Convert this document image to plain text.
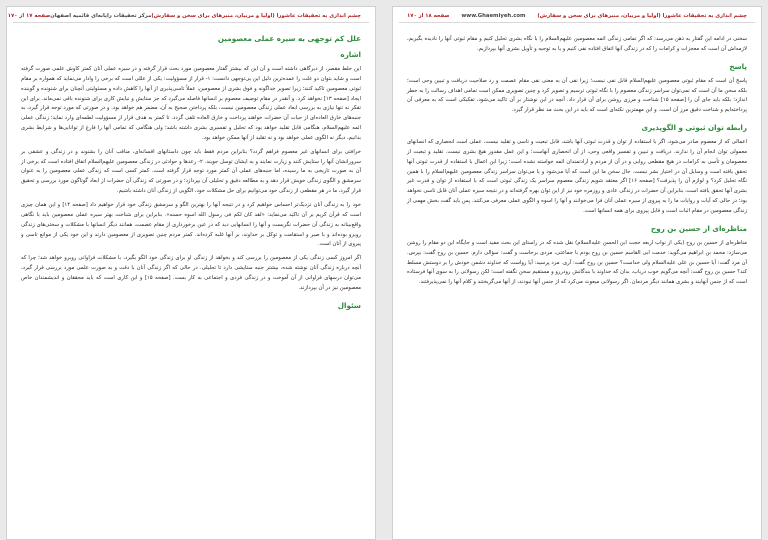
چشم اندازی به تحقیقات عاشورا (اولیا و مربیان، منبرهای برای سخن و سفارش)
مرکز تحقیقات رایانه‌ای قائمیه اصفهان
صفحه ۱۷ از ۱۷۰
علل کم توجهی به سیره عملی معصومین
اشاره

این خلط مقصر، از دیرگاهی داشته است و آن این که بیشتر گفتار معصومین مورد بحث قرار گرفته و در سیره عملی آنان کمتر کاوش علمی صورت گرفته است و شاید بتوان دو علت را عمده‌ترین دلیل این بی‌توجهی دانست: ۱- قرار از مسؤولیت: یکی از عللی است که برخی را وادار می‌نماید که همواره بر مقام ثبوتی معصومین تاکید کنند؛ زیرا تصویر خداگونه و فوق بشری از معصومین، عملاً تاسی‌پذیری از آنها را کاهش داده و مسئولیتی آنچنان برای شنونده و گوینده ایجاد [صفحه ۱۳] نخواهد کرد. و آنقدر در مقام توصیف معصوم بر انسانها فاصله می‌گیرد که جز ستایش و نیایش کاری برای شنونده باقی نمی‌ماند. برای این تفکر نه تنها نیازی به بررسی ابعاد عملی زندگی معصومین نیست، بلکه پرداختن صحیح به آن، مضمر هم خواهد بود. و در صورتی که مورد توجه قرار گیرد، به جنبه‌های خارق العاده‌ای از حیات آن حضرات خواهند پرداخت و خارق العاده تلقی گردد. تا کمتر به هدف قرار از مسؤولیت لطمه‌ای وارد نماید؛ زندگی عملی ائمه علیهم‌السلام، هنگامی قابل تقلید خواهد بود که تحلیل و تفسیری بشری داشته باشد؛ ولی هنگامی که تمامی آنها را فارغ از توانایی‌ها و شرایط بشری بدانیم، دیگر نه الگوی عملی خواهد بود و نه تقلید از آنها ممکن خواهد بود.

خرافتی برای انسانهای غیر معصوم فراهم گردد؟ بنابراین مردم فقط باید چون داستانهای افسانه‌ای، مناقب آنان را بشنوند و در زندگی و عشقی بر سرورانشان آنها را ستایش کنند و زیارت نمایند و به ایشان توسل جویند. ۲- رعدها و حوادثی در زندگی معصومین علیهم‌السلام اتفاق افتاده است که برخی از آن به صورت تاریخی به ما رسیده، اما جنبه‌های عملی آن کمتر مورد توجه قرار گرفته است. کمتر کسی است که زندگی عملی معصومین را به عنوان سرمشق و الگوی زندگی خویش قرار دهد و به مطالعه دقیق و تحلیلی آن بپردازد؛ و در صورتی که زندگی آن حضرات از ابعاد گوناگون مورد بررسی و تحقیق قرار گیرد، ما در هر مقطعی از زندگی خود می‌توانیم برای حل مشکلات خود، الگویی از زندگی آنان داشته باشیم.

خود را به زندگی آنان نزدیک‌تر احساس خواهیم کرد و در نتیجه آنها را بهترین الگو و سرمشق زندگی خود قرار خواهیم داد [صفحه ۱۴] و این همان چیزی است که قرآن کریم بر آن تاکید می‌نماید: «لقد کان لکم فی رسول الله اسوه حسنه». بنابراین برای شناخت بهتر سیره عملی معصومین باید با نگاهی واقع‌بینانه به زندگی آن حضرات نگریست و آنها را انسانهایی دید که در عین برخورداری از مقام عصمت، همانند دیگر انسانها با مشکلات و سختی‌های زندگی روبرو بوده‌اند و با صبر و استقامت و توکل بر خداوند، بر آنها غلبه کرده‌اند. کمتر مردم چنین تصویری از معصومین دارند و این خود یکی از موانع تاسی و پیروی از آنان است.

اگر امروز کسی زندگی یکی از معصومین را بررسی کند و بخواهد از زندگی او برای زندگی خود الگو بگیرد، با مشکلات فراوانی روبرو خواهد شد؛ چرا که آنچه درباره زندگی آنان نوشته شده، بیشتر جنبه ستایشی دارد تا تحلیلی. در حالی که اگر زندگی آنان با دقت و به صورت علمی مورد بررسی قرار گیرد، می‌توان درسهای فراوانی از آن آموخت و در زندگی فردی و اجتماعی به کار بست. [صفحه ۱۵] و این کاری است که باید محققان و اندیشمندان خاص معصومین نیز در آن بپردازند.

سئوال
چشم اندازی به تحقیقات عاشورا (اولیا و مربیان، منبرهای برای سخن و سفارش)
www.Ghaemiyeh.com
صفحه ۱۸ از ۱۷۰

سخنی در ادامه این گفتار به ذهن می‌رسد: که اگر تمامی زندگی ائمه معصومین علیهم‌السلام را با نگاه بشری تحلیل کنیم و مقام ثبوتی آنها را نادیده بگیریم، لازمه‌اش آن است که معجزات و کرامات را که در زندگی آنها اتفاق افتاده نفی کنیم و یا به توجیه و تأویل بشری آنها بپردازیم.

پاسخ

پاسخ آن است که مقام ثبوتی معصومین علیهم‌السلام قابل نفی نیست؛ زیرا نفی آن به معنی نفی مقام عصمت و رد صلاحیت دریافت و تبیین وحی است؛ بلکه سخن ما آن است که نمی‌توان سراسر زندگی معصوم را با نگاه ثبوتی ترسیم و تصویر کرد و چنین تصویری ممکن است تمامی اهداف رسالت را به خطر اندازد؛ بلکه باید جای آن را [صفحه ۱۵] شناخت و مرزی روشن برای آن قرار داد. آنچه در این نوشتار بر آن تاکید می‌شود، تفکیکی است که به معرفی آن پرداخته‌ایم و شناخت دقیق مرز آن است. و این مهمترین نکته‌ای است که باید در این بحث مد نظر قرار گیرد.

رابطه توان ثبوتی و الگوپذیری

اعمالی که از معصوم صادر می‌شود، اگر با استفاده از توان و قدرت ثبوتی آنها باشد، قابل تبعیت و تاسی و تقلید نیست، عملی است انحصاری که انسانهای معمولی توان انجام آن را ندارند. دریافت و تبیین و تفسیر واقعی وحی، از آن انحصاری آنهاست؛ و این عمل مقدور هیچ بشری نیست. تقلید و تبعیت از معصومان و تأسی به کرامات در هیچ مقطعی روایی و در آن از مردم و ارادتمندان ائمه خواسته نشده است؛ زیرا این اعمال با استفاده از قدرت ثبوتی آنها تحقق یافته است و وسایل آن در اختیار بشر نیست. حال سخن ما این است که آیا می‌شود و یا می‌توان سراسر زندگی معصومین علیهم‌السلام را با همین نگاه تحلیل کرد؟ و لوازم آن را پذیرفت؟ [صفحه ۱۶] اگر معتقد شویم زندگی معصوم سراسر یک زندگی ثبوتی است که با استفاده از توان و قدرت غیر بشری آنها تحقق یافته است، بنابراین آن حضرات در زندگی عادی و روزمره خود نیز از این توان بهره گرفته‌اند و در نتیجه سیره عملی آنان قابل تاسی نخواهد بود؛ در حالی که آیات و روایات ما را به پیروی از سیره عملی آنان فرا می‌خوانند و آنها را اسوه و الگوی عملی معرفی می‌کنند. پس باید گفت بخش مهمی از زندگی معصومین در مقام اثبات است و قابل پیروی برای همه انسانها است.

مناظره‌ای از حسین بن روح

مناظره‌ای از حسین بن روح (یکی از نواب اربعه حجت ابن الحسن علیه‌السلام) نقل شده که در راستای این بحث مفید است و جایگاه این دو مقام را روشن می‌سازد: محمد بن ابراهیم می‌گوید: خدمت ابی القاسم حسین بن روح بودم با جماعتی، مردی برخاست و گفت: سؤالی دارم. حسین بن روح گفت: بپرس. آن مرد گفت: آیا حسین بن علی علیه‌السلام ولی خداست؟ حسین بن روح گفت: آری. مرد پرسید: آیا رواست که خداوند دشمن خودش را بر دوستش مسلط کند؟ حسین بن روح گفت: آنچه می‌گویم خوب دریاب، بدان که خداوند با بندگانش رودررو و مستقیم سخن نگفته است؛ لکن رسولانی را به سوی آنها فرستاده است که از جنس آنهایند و بشری همانند دیگر مردمان. اگر رسولانی میعوث می‌کرد که از جنس آنها نبودند، از آنها می‌گریختند و کلام آنها را نمی‌پذیرفتند.
